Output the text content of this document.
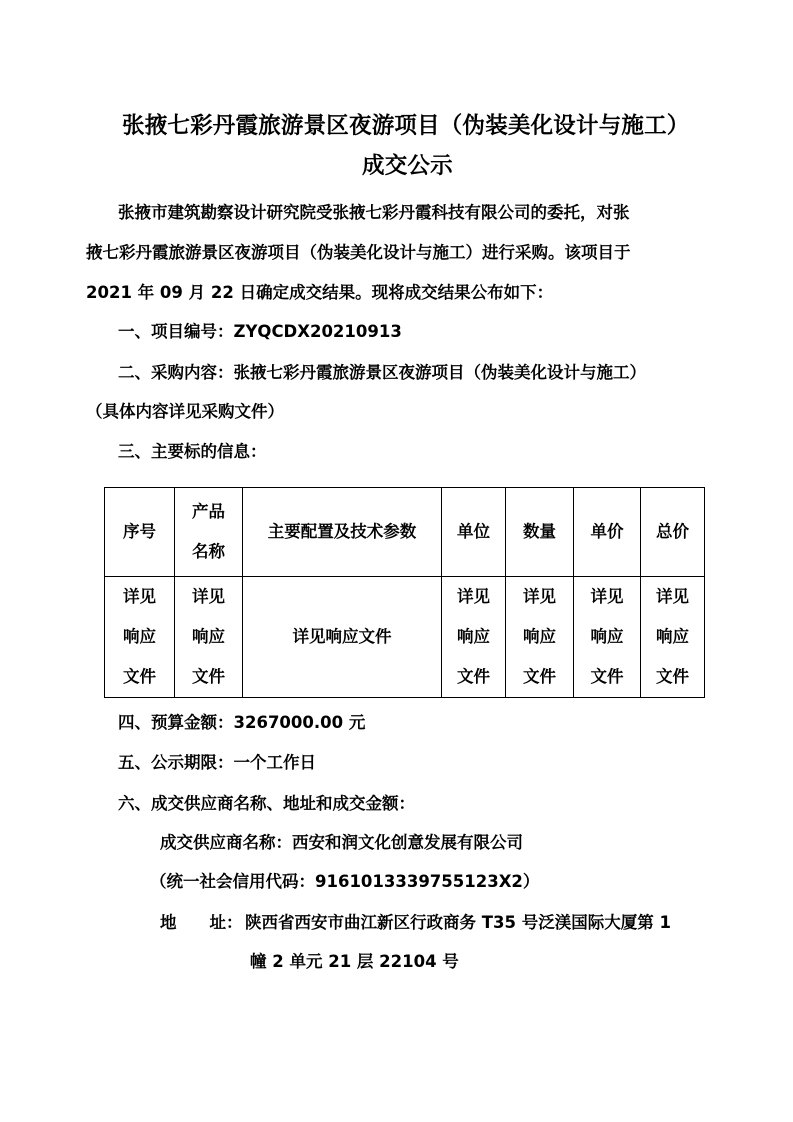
张掖七彩丹霞旅游景区夜游项目（伪装美化设计与施工）
成交公示
张掖市建筑勘察设计研究院受张掖七彩丹霞科技有限公司的委托，对张
掖七彩丹霞旅游景区夜游项目（伪装美化设计与施工）进行采购。该项目于
2021 年 09 月 22 日确定成交结果。现将成交结果公布如下：
一、项目编号：ZYQCDX20210913
二、采购内容：张掖七彩丹霞旅游景区夜游项目（伪装美化设计与施工）
（具体内容详见采购文件）
三、主要标的信息：
序号	产品名称	主要配置及技术参数	单位	数量	单价	总价
详见响应文件	详见响应文件	详见响应文件	详见响应文件	详见响应文件	详见响应文件	详见响应文件
四、预算金额：3267000.00 元
五、公示期限：一个工作日
六、成交供应商名称、地址和成交金额：
成交供应商名称：西安和润文化创意发展有限公司
（统一社会信用代码：9161013339755123X2）
地　　址： 陕西省西安市曲江新区行政商务 T35 号泛渼国际大厦第 1
幢 2 单元 21 层 22104 号
